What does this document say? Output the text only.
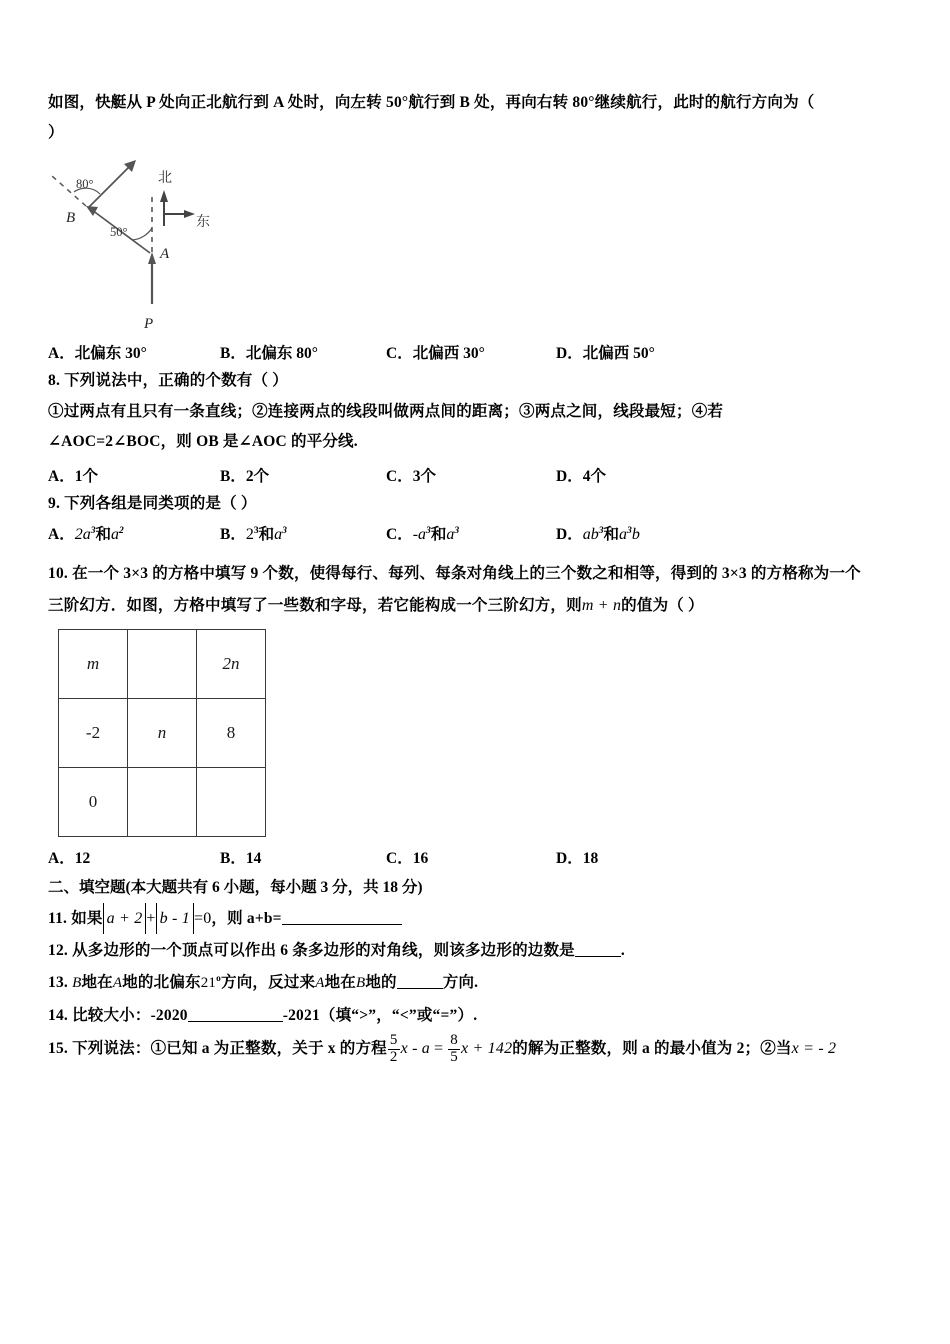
如图，快艇从 P 处向正北航行到 A 处时，向左转 50°航行到 B 处，再向右转 80°继续航行，此时的航行方向为（
）
P
A
B
80°
50°
北
东
A．北偏东 30°	B．北偏东 80°	C．北偏西 30°	D．北偏西 50°
8. 下列说法中，正确的个数有（ ）
①过两点有且只有一条直线；②连接两点的线段叫做两点间的距离；③两点之间，线段最短；④若
∠AOC=2∠BOC，则 OB 是∠AOC 的平分线.
A．1个	B．2个	C．3个	D．4个
9. 下列各组是同类项的是（ ）
A．$2a^3$和$a^2$	B．$2^3$和$a^3$	C．$-a^3$和$a^3$	D．$ab^3$和$a^3b$
10. 在一个 3×3 的方格中填写 9 个数，使得每行、每列、每条对角线上的三个数之和相等，得到的 3×3 的方格称为一个
三阶幻方．如图，方格中填写了一些数和字母，若它能构成一个三阶幻方，则m + n的值为（ ）
m		2n
-2	n	8
0		
A．12	B．14	C．16	D．18
二、填空题(本大题共有 6 小题，每小题 3 分，共 18 分)
11. 如果 a + 2 + b - 1 =0，则 a+b=
12. 从多边形的一个顶点可以作出 6 条多边形的对角线，则该多边形的边数是	.
13. B地在A地的北偏东21$^o$方向，反过来A地在B地的	方向.
14. 比较大小：-2020	-2021（填“>”，“<”或“=”）.
15. 下列说法：①已知 a 为正整数，关于 x 的方程 $\frac{5}{2}$ $x - a = \frac{8}{5}$ x + 142的解为正整数，则 a 的最小值为 2；②当x = - 2
